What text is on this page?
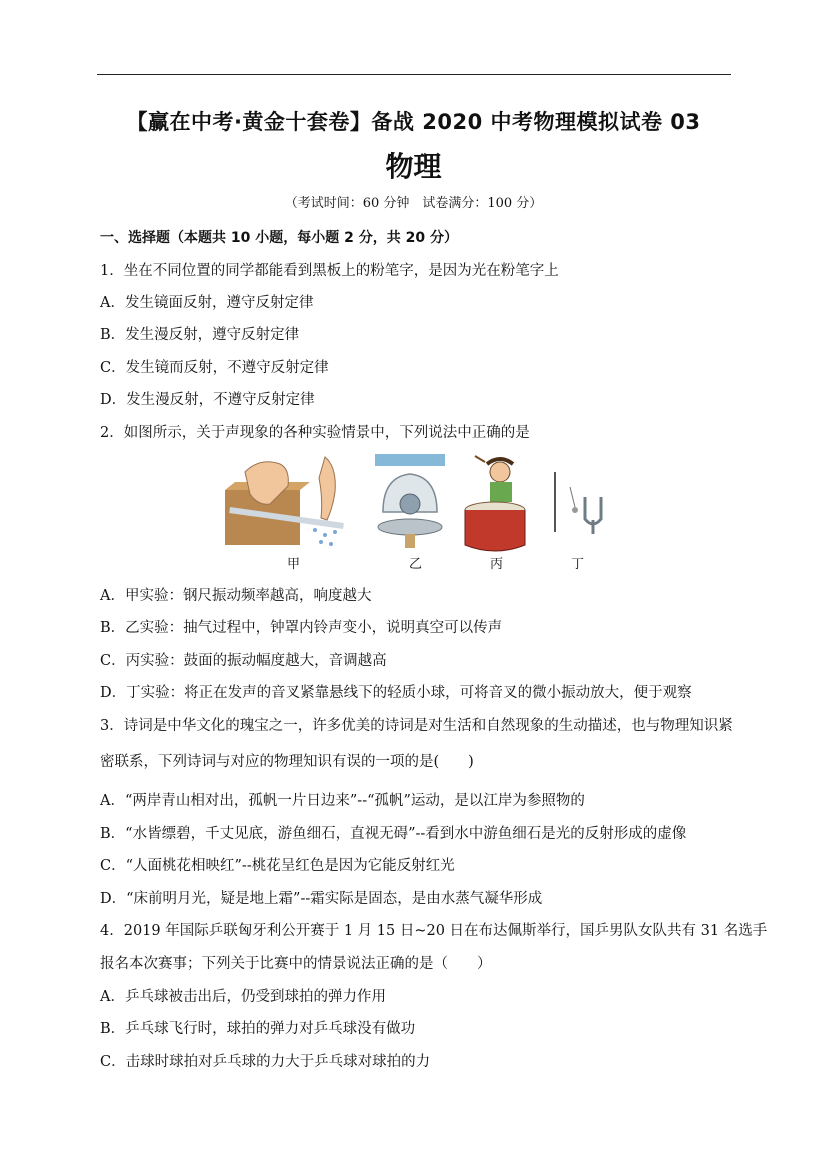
【赢在中考·黄金十套卷】备战 2020 中考物理模拟试卷 03
物理
（考试时间：60 分钟　试卷满分：100 分）
一、选择题（本题共 10 小题，每小题 2 分，共 20 分）
1．坐在不同位置的同学都能看到黑板上的粉笔字，是因为光在粉笔字上
A．发生镜面反射，遵守反射定律
B．发生漫反射，遵守反射定律
C．发生镜而反射，不遵守反射定律
D．发生漫反射，不遵守反射定律
2．如图所示，关于声现象的各种实验情景中，下列说法中正确的是
甲	乙	丙	丁
A．甲实验：钢尺振动频率越高，响度越大
B．乙实验：抽气过程中，钟罩内铃声变小，说明真空可以传声
C．丙实验：鼓面的振动幅度越大，音调越高
D．丁实验：将正在发声的音叉紧靠悬线下的轻质小球，可将音叉的微小振动放大，便于观察
3．诗词是中华文化的瑰宝之一，许多优美的诗词是对生活和自然现象的生动描述，也与物理知识紧
密联系，下列诗词与对应的物理知识有误的一项的是(　　)
A．“两岸青山相对出，孤帆一片日边来”--“孤帆”运动，是以江岸为参照物的
B．“水皆缥碧，千丈见底，游鱼细石，直视无碍”--看到水中游鱼细石是光的反射形成的虚像
C．“人面桃花相映红”--桃花呈红色是因为它能反射红光
D．“床前明月光，疑是地上霜”--霜实际是固态，是由水蒸气凝华形成
4．2019 年国际乒联匈牙利公开赛于 1 月 15 日~20 日在布达佩斯举行，国乒男队女队共有 31 名选手
报名本次赛事；下列关于比赛中的情景说法正确的是（　　）
A．乒乓球被击出后，仍受到球拍的弹力作用
B．乒乓球飞行时，球拍的弹力对乒乓球没有做功
C．击球时球拍对乒乓球的力大于乒乓球对球拍的力
